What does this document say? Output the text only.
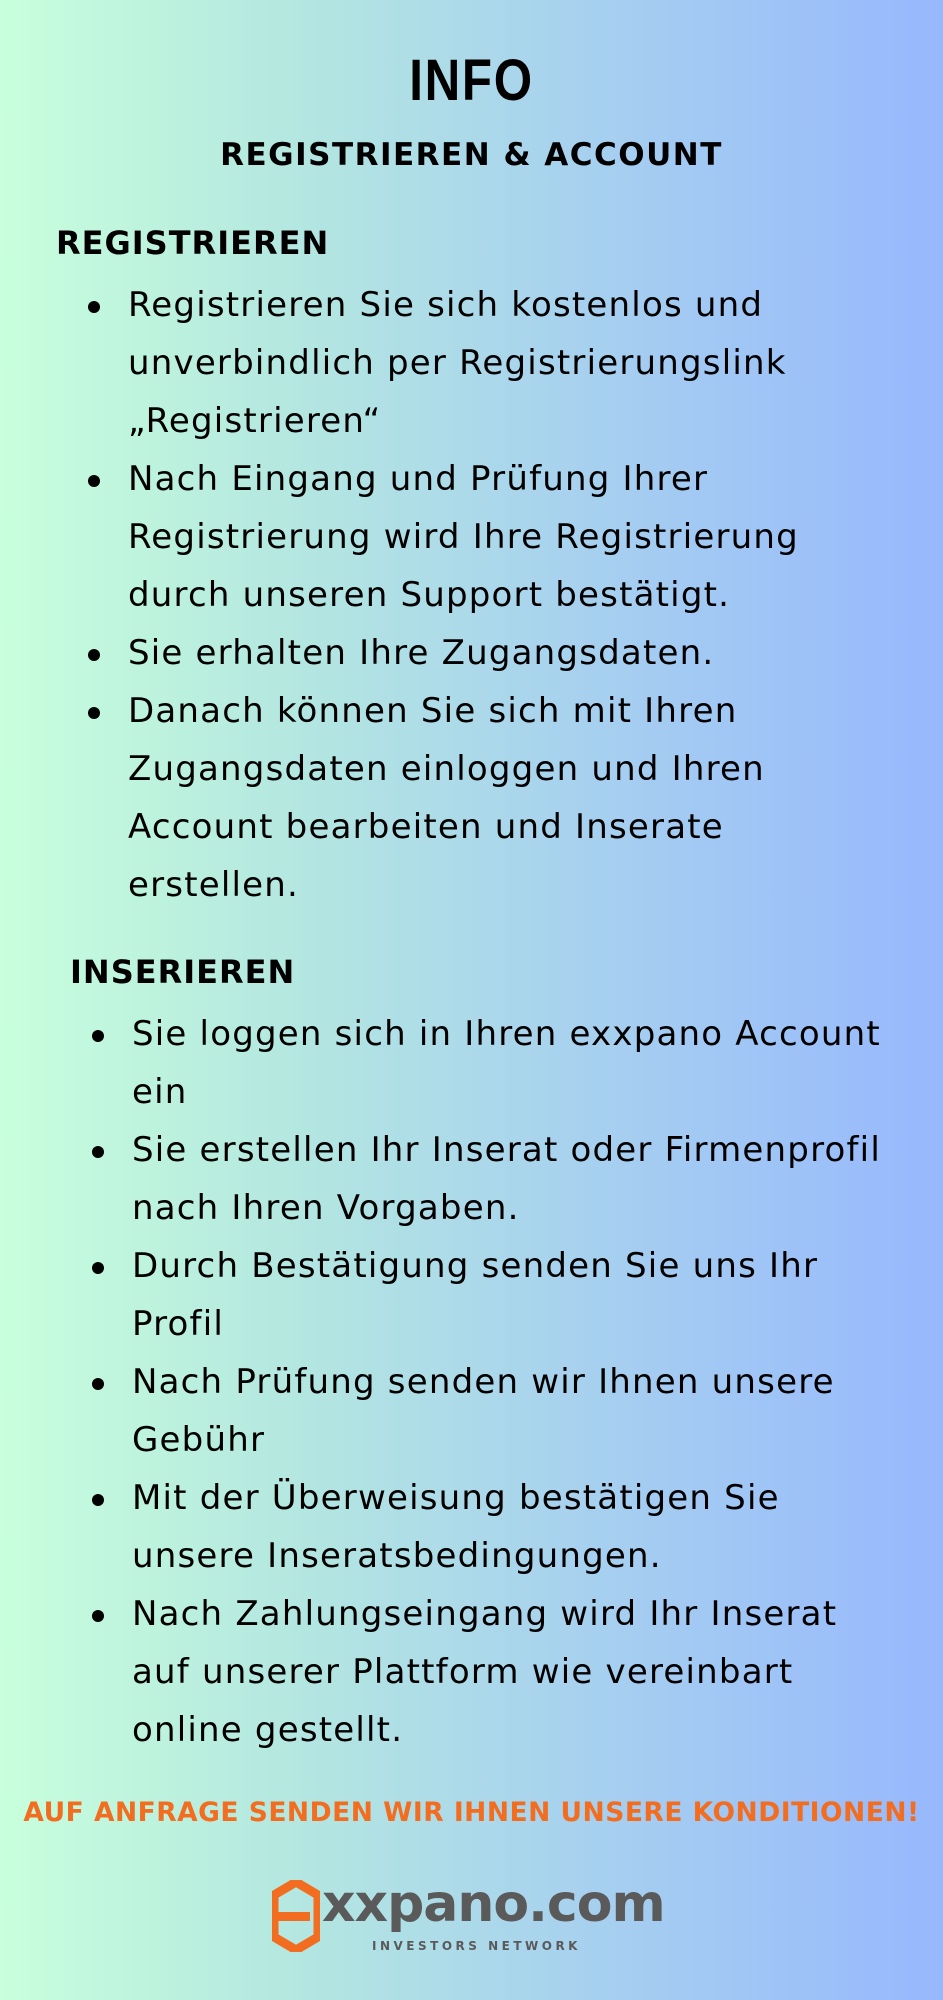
INFO
REGISTRIEREN & ACCOUNT
REGISTRIEREN
Registrieren Sie sich kostenlos und unverbindlich per Registrierungslink „Registrieren“
Nach Eingang und Prüfung Ihrer Registrierung wird Ihre Registrierung durch unseren Support bestätigt.
Sie erhalten Ihre Zugangsdaten.
Danach können Sie sich mit Ihren Zugangsdaten einloggen und Ihren Account bearbeiten und Inserate erstellen.
INSERIEREN
Sie loggen sich in Ihren exxpano Account ein
Sie erstellen Ihr Inserat oder Firmenprofil nach Ihren Vorgaben.
Durch Bestätigung senden Sie uns Ihr Profil
Nach Prüfung senden wir Ihnen unsere Gebühr
Mit der Überweisung bestätigen Sie unsere Inseratsbedingungen.
Nach Zahlungseingang wird Ihr Inserat auf unserer Plattform wie vereinbart online gestellt.
AUF ANFRAGE SENDEN WIR IHNEN UNSERE KONDITIONEN!
xxpano.com
INVESTORS NETWORK
